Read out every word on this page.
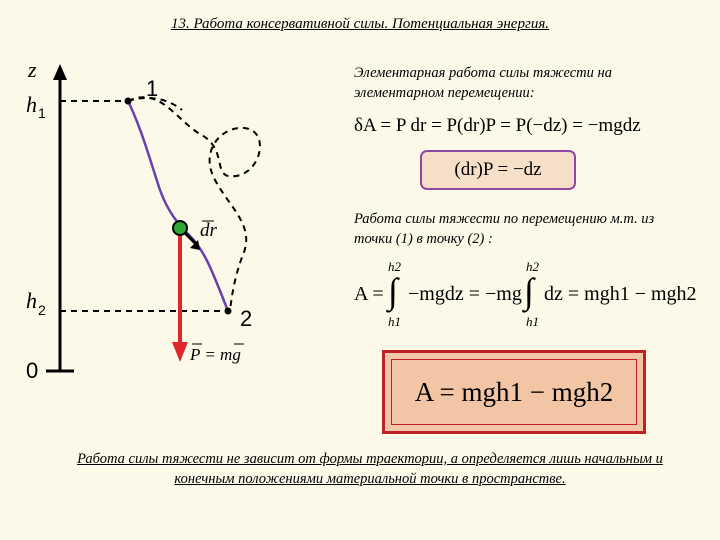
13. Работа консервативной силы. Потенциальная энергия.
z
h 1
h 2
0
1
2
dr
P = mg
Элементарная работа силы тяжести на элементарном перемещении:
δA = P dr = P(dr)P = P(−dz) = −mgdz
(dr)P = −dz
Работа силы тяжести по перемещению м.т. из точки (1) в точку (2) :
A =
h2
∫
h1
−mgdz = −mg
h2
∫
h1
dz = mgh1 − mgh2
A = mgh1 − mgh2
Работа силы тяжести не зависит от формы траектории, а определяется лишь начальным и конечным положениями материальной точки в пространстве.
